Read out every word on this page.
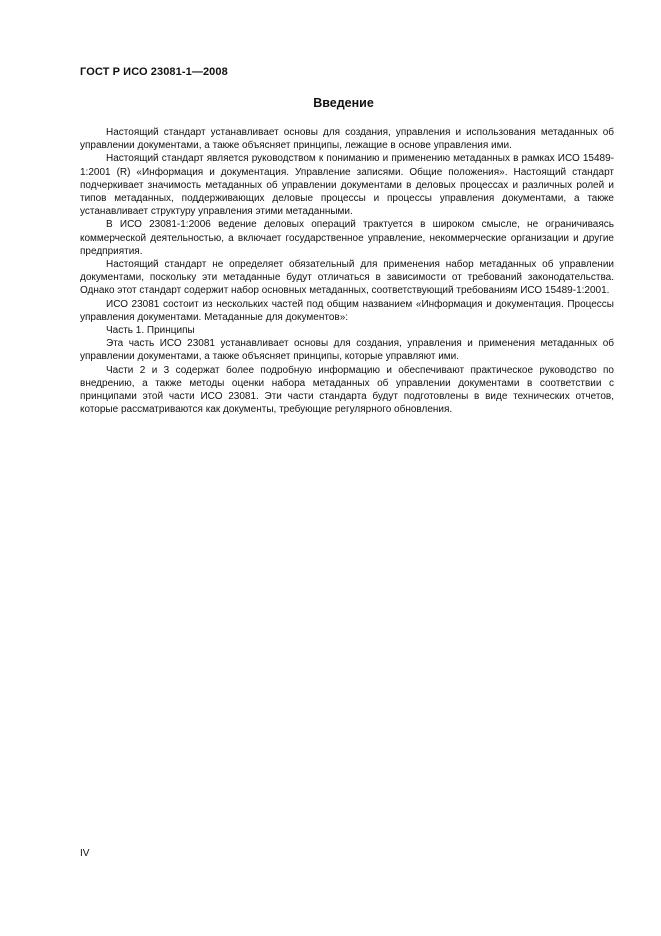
ГОСТ Р ИСО 23081-1—2008
Введение

Настоящий стандарт устанавливает основы для создания, управления и использования метаданных об управлении документами, а также объясняет принципы, лежащие в основе управления ими.

Настоящий стандарт является руководством к пониманию и применению метаданных в рамках ИСО 15489-1:2001 (R) «Информация и документация. Управление записями. Общие положения». Настоящий стандарт подчеркивает значимость метаданных об управлении документами в деловых процессах и различных ролей и типов метаданных, поддерживающих деловые процессы и процессы управления документами, а также устанавливает структуру управления этими метаданными.

В ИСО 23081-1:2006 ведение деловых операций трактуется в широком смысле, не ограничиваясь коммерческой деятельностью, а включает государственное управление, некоммерческие организации и другие предприятия.

Настоящий стандарт не определяет обязательный для применения набор метаданных об управлении документами, поскольку эти метаданные будут отличаться в зависимости от требований законодательства. Однако этот стандарт содержит набор основных метаданных, соответствующий требованиям ИСО 15489-1:2001.

ИСО 23081 состоит из нескольких частей под общим названием «Информация и документация. Процессы управления документами. Метаданные для документов»:

Часть 1. Принципы

Эта часть ИСО 23081 устанавливает основы для создания, управления и применения метаданных об управлении документами, а также объясняет принципы, которые управляют ими.

Части 2 и 3 содержат более подробную информацию и обеспечивают практическое руководство по внедрению, а также методы оценки набора метаданных об управлении документами в соответствии с принципами этой части ИСО 23081. Эти части стандарта будут подготовлены в виде технических отчетов, которые рассматриваются как документы, требующие регулярного обновления.

IV
